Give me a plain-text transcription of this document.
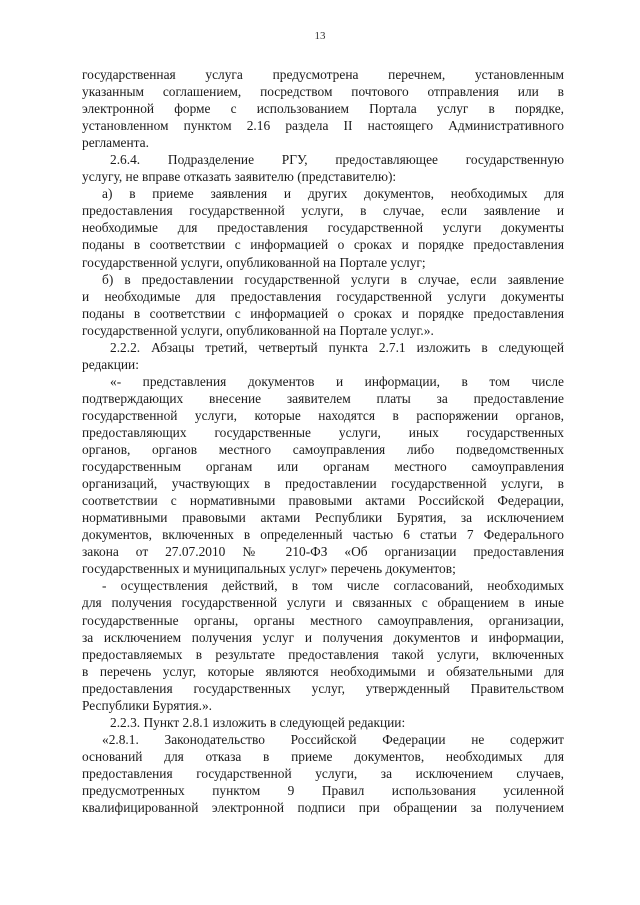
13
государственная услуга предусмотрена перечнем, установленным
указанным соглашением, посредством почтового отправления или в
электронной форме с использованием Портала услуг в порядке,
установленном пунктом 2.16 раздела II настоящего Административного
регламента.
2.6.4. Подразделение РГУ, предоставляющее государственную
услугу, не вправе отказать заявителю (представителю):
а) в приеме заявления и других документов, необходимых для
предоставления государственной услуги, в случае, если заявление и
необходимые для предоставления государственной услуги документы
поданы в соответствии с информацией о сроках и порядке предоставления
государственной услуги, опубликованной на Портале услуг;
б) в предоставлении государственной услуги в случае, если заявление
и необходимые для предоставления государственной услуги документы
поданы в соответствии с информацией о сроках и порядке предоставления
государственной услуги, опубликованной на Портале услуг.».
2.2.2. Абзацы третий, четвертый пункта 2.7.1 изложить в следующей
редакции:
«- представления документов и информации, в том числе
подтверждающих внесение заявителем платы за предоставление
государственной услуги, которые находятся в распоряжении органов,
предоставляющих государственные услуги, иных государственных
органов, органов местного самоуправления либо подведомственных
государственным органам или органам местного самоуправления
организаций, участвующих в предоставлении государственной услуги, в
соответствии с нормативными правовыми актами Российской Федерации,
нормативными правовыми актами Республики Бурятия, за исключением
документов, включенных в определенный частью 6 статьи 7 Федерального
закона от 27.07.2010 № 210-ФЗ «Об организации предоставления
государственных и муниципальных услуг» перечень документов;
- осуществления действий, в том числе согласований, необходимых
для получения государственной услуги и связанных с обращением в иные
государственные органы, органы местного самоуправления, организации,
за исключением получения услуг и получения документов и информации,
предоставляемых в результате предоставления такой услуги, включенных
в перечень услуг, которые являются необходимыми и обязательными для
предоставления государственных услуг, утвержденный Правительством
Республики Бурятия.».
2.2.3. Пункт 2.8.1 изложить в следующей редакции:
«2.8.1. Законодательство Российской Федерации не содержит
оснований для отказа в приеме документов, необходимых для
предоставления государственной услуги, за исключением случаев,
предусмотренных пунктом 9 Правил использования усиленной
квалифицированной электронной подписи при обращении за получением
